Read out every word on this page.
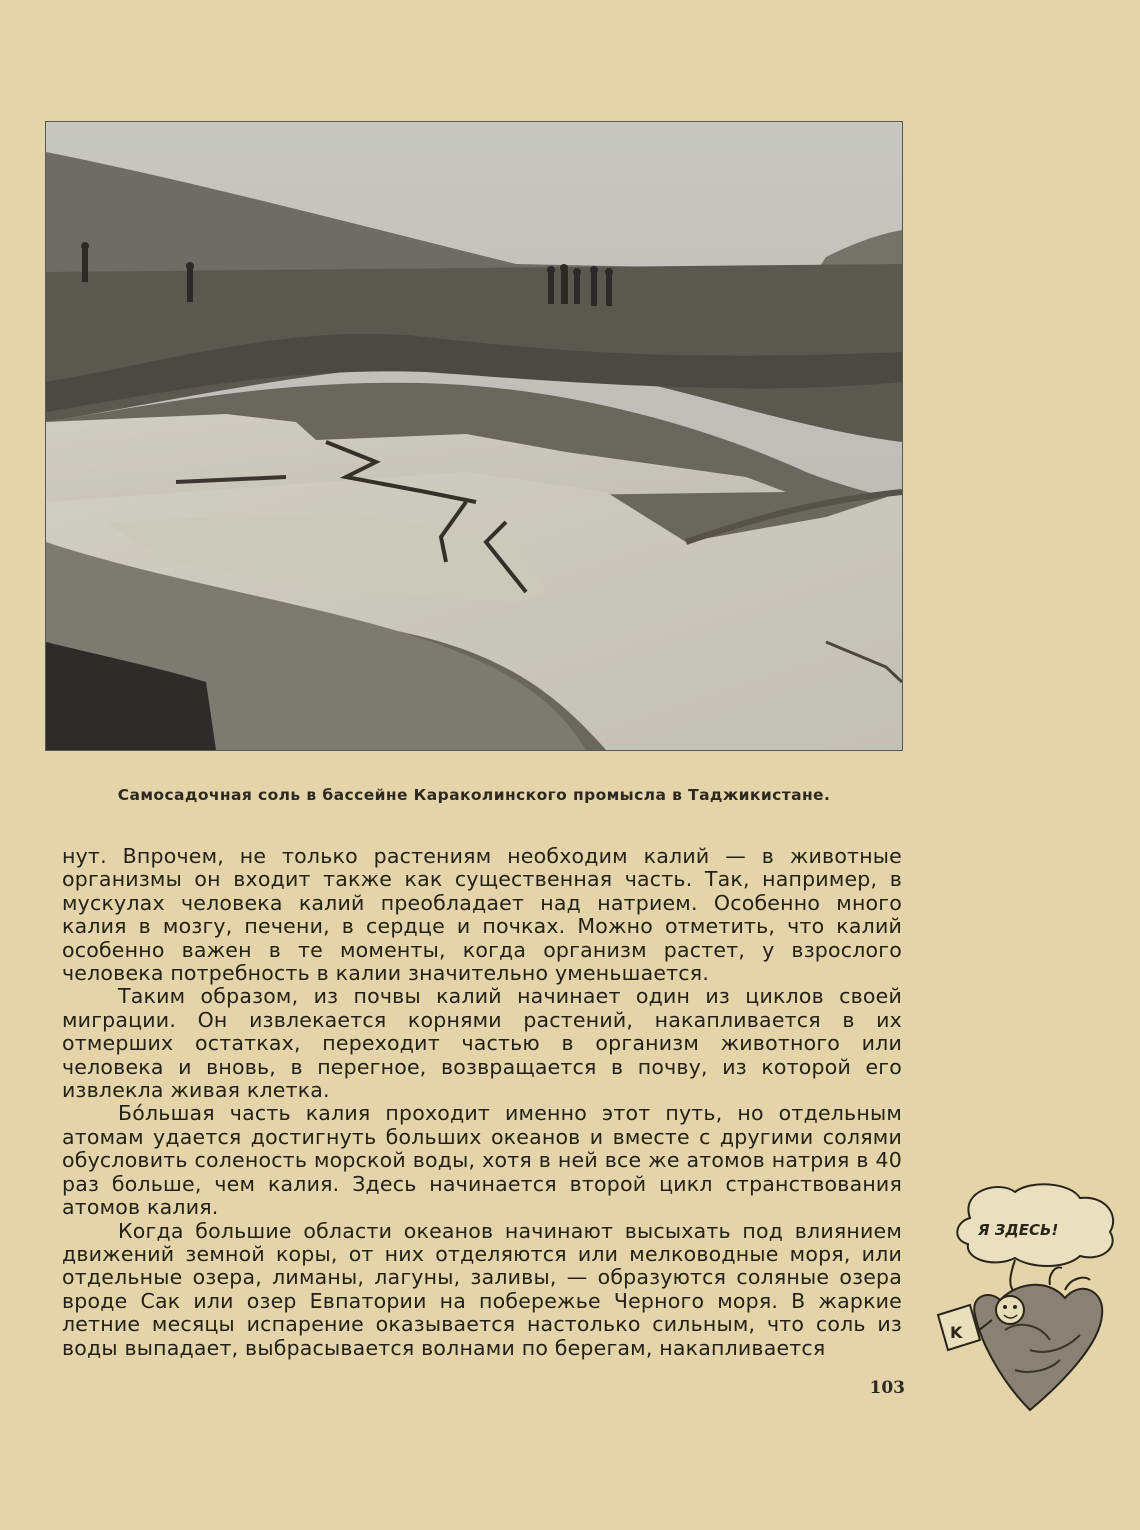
Самосадочная соль в бассейне Караколинского промысла в Таджикистане.

нут. Впрочем, не только растениям необходим калий — в животные организмы он входит также как существенная часть. Так, например, в мускулах человека калий преобладает над натрием. Особенно много калия в мозгу, печени, в сердце и почках. Можно отметить, что калий особенно важен в те моменты, когда организм растет, у взрослого человека потребность в калии значительно уменьшается.

Таким образом, из почвы калий начинает один из циклов своей миграции. Он извлекается корнями растений, накапливается в их отмерших остатках, переходит частью в организм животного или человека и вновь, в перегное, возвращается в почву, из которой его извлекла живая клетка.

Бо́льшая часть калия проходит именно этот путь, но отдельным атомам удается достигнуть больших океанов и вместе с другими солями обусловить соленость морской воды, хотя в ней все же атомов натрия в 40 раз больше, чем калия. Здесь начинается второй цикл странствования атомов калия.

Когда большие области океанов начинают высыхать под влиянием движений земной коры, от них отделяются или мелководные моря, или отдельные озера, лиманы, лагуны, заливы, — образуются соляные озера вроде Сак или озер Евпатории на побережье Черного моря. В жаркие летние месяцы испарение оказывается настолько сильным, что соль из воды выпадает, выбрасывается волнами по берегам, накапливается

Я ЗДЕСЬ!
K
103
